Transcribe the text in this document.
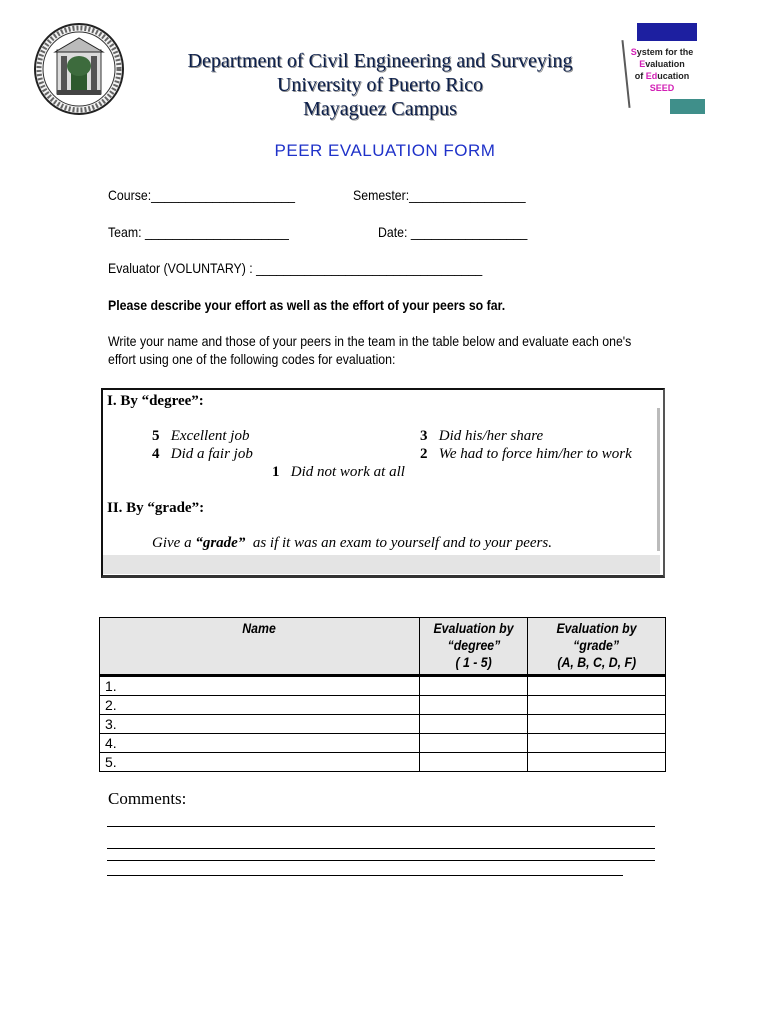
Department of Civil Engineering and Surveying
University of Puerto Rico
Mayaguez Campus
System for the
Evaluation
of Education
SEED
PEER EVALUATION FORM
Course:_____________________	Semester:_________________
Team: _____________________	Date: _________________
Evaluator (VOLUNTARY) : _________________________________
Please describe your effort as well as the effort of your peers so far.
Write your name and those of your peers in the team in the table below and evaluate each one's
effort using one of the following codes for evaluation:
I. By “degree”:
5 Excellent job
4 Did a fair job
3 Did his/her share
2 We had to force him/her to work
1 Did not work at all
II. By “grade”:
Give a “grade”  as if it was an exam to yourself and to your peers.
Name	Evaluation by
“degree”
( 1 - 5)	Evaluation by
“grade”
(A, B, C, D, F)
1.		
2.		
3.		
4.		
5.		
Comments:
